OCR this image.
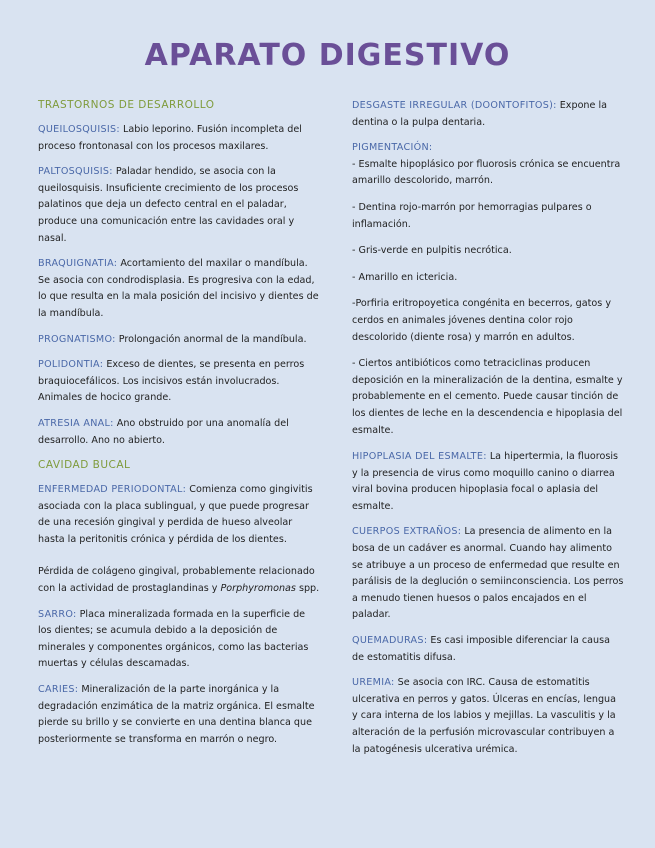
APARATO DIGESTIVO
TRASTORNOS DE DESARROLLO
QUEILOSQUISIS: Labio leporino. Fusión incompleta del proceso frontonasal con los procesos maxilares.
PALTOSQUISIS: Paladar hendido, se asocia con la queilosquisis. Insuficiente crecimiento de los procesos palatinos que deja un defecto central en el paladar, produce una comunicación entre las cavidades oral y nasal.
BRAQUIGNATIA: Acortamiento del maxilar o mandíbula. Se asocia con condrodisplasia. Es progresiva con la edad, lo que resulta en la mala posición del incisivo y dientes de la mandíbula.
PROGNATISMO: Prolongación anormal de la mandíbula.
POLIDONTIA: Exceso de dientes, se presenta en perros braquiocefálicos. Los incisivos están involucrados. Animales de hocico grande.
ATRESIA ANAL: Ano obstruido por una anomalía del desarrollo. Ano no abierto.
CAVIDAD BUCAL
ENFERMEDAD PERIODONTAL: Comienza como gingivitis asociada con la placa sublingual, y que puede progresar de una recesión gingival y perdida de hueso alveolar hasta la peritonitis crónica y pérdida de los dientes.
Pérdida de colágeno gingival, probablemente relacionado con la actividad de prostaglandinas y Porphyromonas spp.
SARRO: Placa mineralizada formada en la superficie de los dientes; se acumula debido a la deposición de minerales y componentes orgánicos, como las bacterias muertas y células descamadas.
CARIES: Mineralización de la parte inorgánica y la degradación enzimática de la matriz orgánica. El esmalte pierde su brillo y se convierte en una dentina blanca que posteriormente se transforma en marrón o negro.
DESGASTE IRREGULAR (DOONTOFITOS): Expone la dentina o la pulpa dentaria.
PIGMENTACIÓN:
- Esmalte hipoplásico por fluorosis crónica se encuentra amarillo descolorido, marrón.
- Dentina rojo-marrón por hemorragias pulpares o inflamación.
- Gris-verde en pulpitis necrótica.
- Amarillo en ictericia.
-Porfiria eritropoyetica congénita en becerros, gatos y cerdos en animales jóvenes dentina color rojo descolorido (diente rosa) y marrón en adultos.
- Ciertos antibióticos como tetraciclinas producen deposición en la mineralización de la dentina, esmalte y probablemente en el cemento. Puede causar tinción de los dientes de leche en la descendencia e hipoplasia del esmalte.
HIPOPLASIA DEL ESMALTE: La hipertermia, la fluorosis y la presencia de virus como moquillo canino o diarrea viral bovina producen hipoplasia focal o aplasia del esmalte.
CUERPOS EXTRAÑOS: La presencia de alimento en la bosa de un cadáver es anormal. Cuando hay alimento se atribuye a un proceso de enfermedad que resulte en parálisis de la deglución o semiinconsciencia. Los perros a menudo tienen huesos o palos encajados en el paladar.
QUEMADURAS: Es casi imposible diferenciar la causa de estomatitis difusa.
UREMIA: Se asocia con IRC. Causa de estomatitis ulcerativa en perros y gatos. Úlceras en encías, lengua y cara interna de los labios y mejillas. La vasculitis y la alteración de la perfusión microvascular contribuyen a la patogénesis ulcerativa urémica.
